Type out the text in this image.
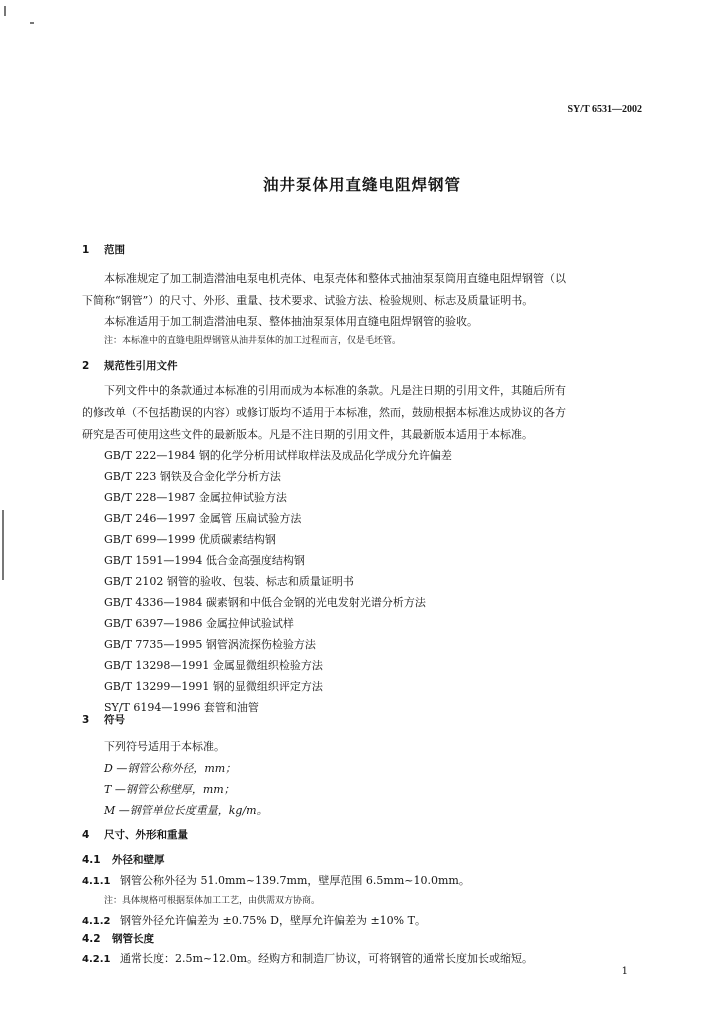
SY/T 6531—2002
油井泵体用直缝电阻焊钢管
1 范围
本标准规定了加工制造潜油电泵电机壳体、电泵壳体和整体式抽油泵泵筒用直缝电阻焊钢管（以
下简称“钢管”）的尺寸、外形、重量、技术要求、试验方法、检验规则、标志及质量证明书。
本标准适用于加工制造潜油电泵、整体抽油泵泵体用直缝电阻焊钢管的验收。
注：本标准中的直缝电阻焊钢管从油井泵体的加工过程而言，仅是毛坯管。
2 规范性引用文件
下列文件中的条款通过本标准的引用而成为本标准的条款。凡是注日期的引用文件，其随后所有
的修改单（不包括勘误的内容）或修订版均不适用于本标准，然而，鼓励根据本标准达成协议的各方
研究是否可使用这些文件的最新版本。凡是不注日期的引用文件，其最新版本适用于本标准。
GB/T 222—1984 钢的化学分析用试样取样法及成品化学成分允许偏差
GB/T 223 钢铁及合金化学分析方法
GB/T 228—1987 金属拉伸试验方法
GB/T 246—1997 金属管 压扁试验方法
GB/T 699—1999 优质碳素结构钢
GB/T 1591—1994 低合金高强度结构钢
GB/T 2102 钢管的验收、包装、标志和质量证明书
GB/T 4336—1984 碳素钢和中低合金钢的光电发射光谱分析方法
GB/T 6397—1986 金属拉伸试验试样
GB/T 7735—1995 钢管涡流探伤检验方法
GB/T 13298—1991 金属显微组织检验方法
GB/T 13299—1991 钢的显微组织评定方法
SY/T 6194—1996 套管和油管
3 符号
下列符号适用于本标准。
D —钢管公称外径，mm；
T —钢管公称壁厚，mm；
M —钢管单位长度重量，kg/m。
4 尺寸、外形和重量
4.1 外径和壁厚
4.1.1 钢管公称外径为 51.0mm~139.7mm，壁厚范围 6.5mm~10.0mm。
注：具体规格可根据泵体加工工艺，由供需双方协商。
4.1.2 钢管外径允许偏差为 ±0.75% D，壁厚允许偏差为 ±10% T。
4.2 钢管长度
4.2.1 通常长度：2.5m~12.0m。经购方和制造厂协议，可将钢管的通常长度加长或缩短。
1
